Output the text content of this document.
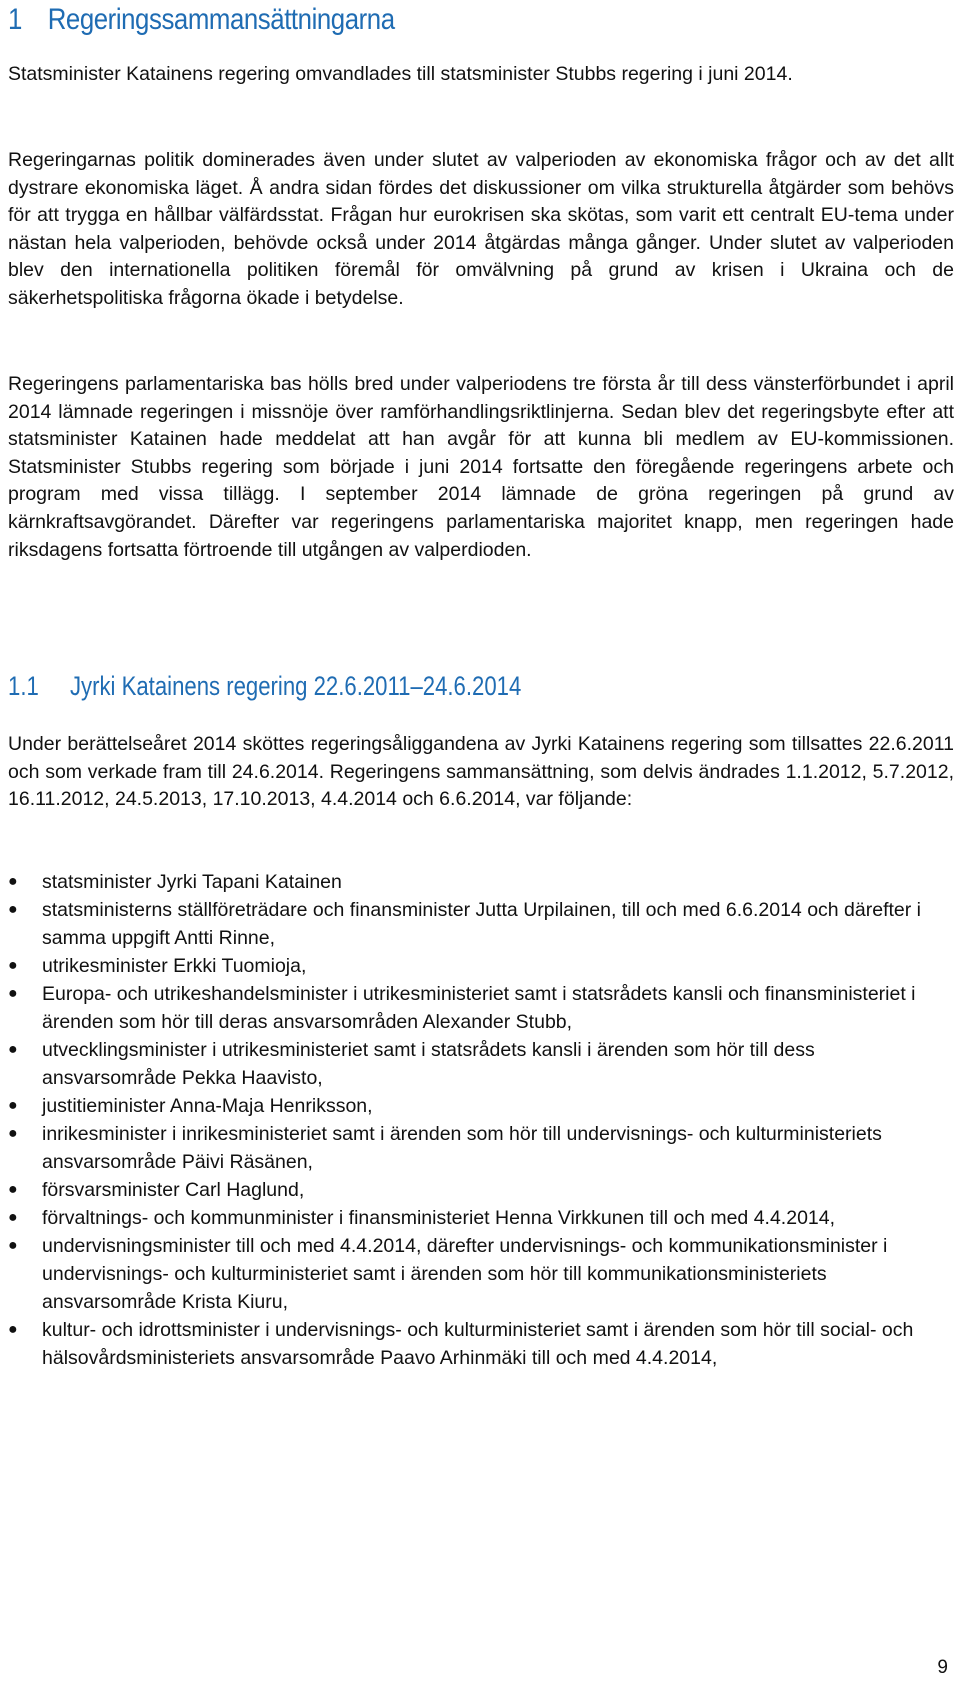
1 Regeringssammansättningarna

Statsminister Katainens regering omvandlades till statsminister Stubbs regering i juni 2014.

Regeringarnas politik dominerades även under slutet av valperioden av ekonomiska frågor och av det allt dystrare ekonomiska läget. Å andra sidan fördes det diskussioner om vilka strukturella åtgärder som behövs för att trygga en hållbar välfärdsstat. Frågan hur eurokrisen ska skötas, som varit ett centralt EU-tema under nästan hela valperioden, behövde också under 2014 åtgärdas många gånger. Under slutet av valperioden blev den internationella politiken föremål för omvälvning på grund av krisen i Ukraina och de säkerhetspolitiska frågorna ökade i betydelse.

Regeringens parlamentariska bas hölls bred under valperiodens tre första år till dess vänsterförbundet i april 2014 lämnade regeringen i missnöje över ramförhandlingsriktlinjerna. Sedan blev det regeringsbyte efter att statsminister Katainen hade meddelat att han avgår för att kunna bli medlem av EU-kommissionen. Statsminister Stubbs regering som började i juni 2014 fortsatte den föregående regeringens arbete och program med vissa tillägg. I september 2014 lämnade de gröna regeringen på grund av kärnkraftsavgörandet. Därefter var regeringens parlamentariska majoritet knapp, men regeringen hade riksdagens fortsatta förtroende till utgången av valperdioden.

1.1 Jyrki Katainens regering 22.6.2011–24.6.2014

Under berättelseåret 2014 sköttes regeringsåliggandena av Jyrki Katainens regering som tillsattes 22.6.2011 och som verkade fram till 24.6.2014. Regeringens sammansättning, som delvis ändrades 1.1.2012, 5.7.2012, 16.11.2012, 24.5.2013, 17.10.2013, 4.4.2014 och 6.6.2014, var följande:

● statsminister Jyrki Tapani Katainen
● statsministerns ställföreträdare och finansminister Jutta Urpilainen, till och med 6.6.2014 och därefter i samma uppgift Antti Rinne,
● utrikesminister Erkki Tuomioja,
● Europa- och utrikeshandelsminister i utrikesministeriet samt i statsrådets kansli och finansministeriet i ärenden som hör till deras ansvarsområden Alexander Stubb,
● utvecklingsminister i utrikesministeriet samt i statsrådets kansli i ärenden som hör till dess ansvarsområde Pekka Haavisto,
● justitieminister Anna-Maja Henriksson,
● inrikesminister i inrikesministeriet samt i ärenden som hör till undervisnings- och kulturministeriets ansvarsområde Päivi Räsänen,
● försvarsminister Carl Haglund,
● förvaltnings- och kommunminister i finansministeriet Henna Virkkunen till och med 4.4.2014,
● undervisningsminister till och med 4.4.2014, därefter undervisnings- och kommunikationsminister i undervisnings- och kulturministeriet samt i ärenden som hör till kommunikationsministeriets ansvarsområde Krista Kiuru,
● kultur- och idrottsminister i undervisnings- och kulturministeriet samt i ärenden som hör till social- och hälsovårdsministeriets ansvarsområde Paavo Arhinmäki till och med 4.4.2014,
9
